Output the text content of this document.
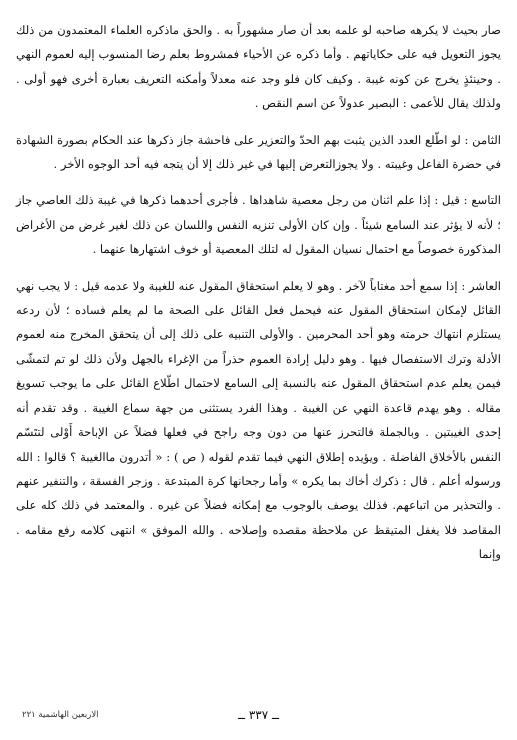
صار بحيث لا يكرهه صاحبه لو علمه بعد أن صار مشهوراً به . والحق ماذكره العلماء المعتمدون من ذلك يجوز التعويل فيه على حكاياتهم . وأما ذكره عن الأحياء فمشروط بعلم رضا المنسوب إليه لعموم النهي . وحينئذٍ يخرج عن كونه غيبة . وكيف كان فلو وجد عنه معدلاً وأمكنه التعريف بعبارة أخرى فهو أولى . ولذلك يقال للأعمى : البصير عدولاً عن اسم النقص .

الثامن : لو اطّلع العدد الذين يثبت بهم الحدّ والتعزير على فاحشة جاز ذكرها عند الحكام بصورة الشهادة في حضرة الفاعل وغيبته . ولا يجوزالتعرض إليها في غير ذلك إلا أن يتجه فيه أحد الوجوه الأخر .

التاسع : قيل : إذا علم اثنان من رجل معصية شاهداها . فأجرى أحدهما ذكرها في غيبة ذلك العاصي جاز ؛ لأنه لا يؤثر عند السامع شيئاً . وإن كان الأولى تنزيه النفس واللسان عن ذلك لغير غرض من الأغراض المذكورة خصوصاً مع احتمال نسيان المقول له لتلك المعصية أو خوف اشتهارها عنهما .

العاشر : إذا سمع أحد مغتاباً لآخر . وهو لا يعلم استحقاق المقول عنه للغيبة ولا عدمه قيل : لا يجب نهي القائل لإمكان استحقاق المقول عنه فيحمل فعل القائل على الصحة ما لم يعلم فساده ؛ لأن ردعه يستلزم انتهاك حرمته وهو أحد المحرمين . والأولى التنبيه على ذلك إلى أن يتحقق المخرج منه لعموم الأدلة وترك الاستفصال فيها . وهو دليل إرادة العموم حذراً من الإغراء بالجهل ولأن ذلك لو تم لتمشّى فيمن يعلم عدم استحقاق المقول عنه بالنسبة إلى السامع لاحتمال اطّلاع القائل على ما يوجب تسويغ مقاله . وهو يهدم قاعدة النهي عن الغيبة . وهذا الفرد يستثنى من جهة سماع الغيبة . وقد تقدم أنه إحدى الغيبتين . وبالجملة فالتحرز عنها من دون وجه راجح في فعلها فضلاً عن الإباحة أَوْلى لتتَسّم النفس بالأخلاق الفاضلة . ويؤيده إطلاق النهي فيما تقدم لقوله ( ص ) : « أتدرون ماالغيبة ؟ قالوا : الله ورسوله أعلم . قال : ذكرك أخاك بما يكره » وأما رجحانها كرة المبتدعة . وزجر الفسقة ، والتنفير عنهم . والتحذير من اتباعهم. فذلك يوصف بالوجوب مع إمكانه فضلاً عن غيره . والمعتمد في ذلك كله على المقاصد فلا يغفل المتيقظ عن ملاحظة مقصده وإصلاحه . والله الموفق » انتهى كلامه رفع مقامه . وإنما

ــ ٣٣٧ ــ
الاربعين الهاشمية ٢٢١
